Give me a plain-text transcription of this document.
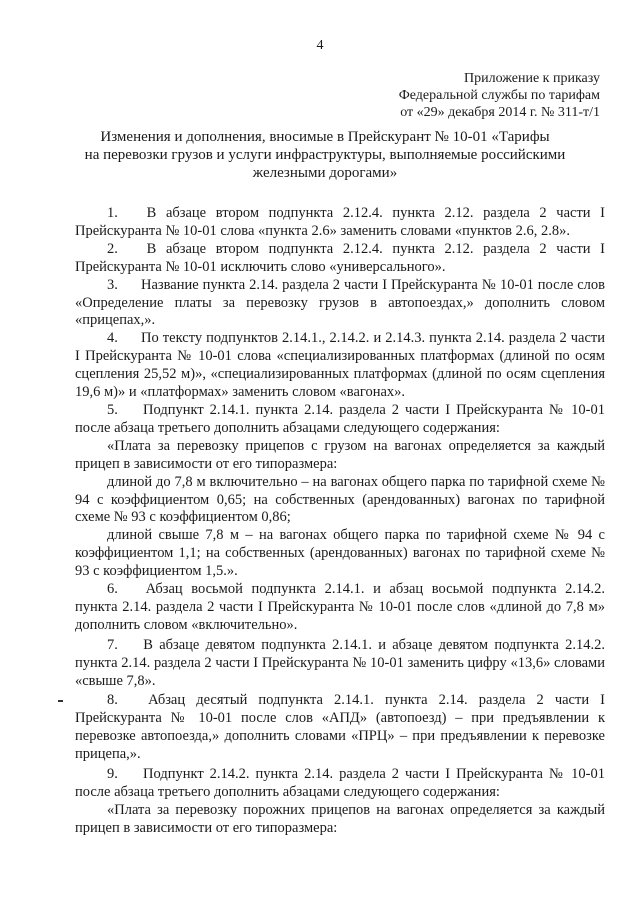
4
Приложение к приказу
Федеральной службы по тарифам
от «29» декабря 2014 г. № 311-т/1
Изменения и дополнения, вносимые в Прейскурант № 10-01 «Тарифы
на перевозки грузов и услуги инфраструктуры, выполняемые российскими
железными дорогами»

1. В абзаце втором подпункта 2.12.4. пункта 2.12. раздела 2 части I Прейскуранта № 10-01 слова «пункта 2.6» заменить словами «пунктов 2.6, 2.8».

2. В абзаце втором подпункта 2.12.4. пункта 2.12. раздела 2 части I Прейскуранта № 10-01 исключить слово «универсального».

3. Название пункта 2.14. раздела 2 части I Прейскуранта № 10-01 после слов «Определение платы за перевозку грузов в автопоездах,» дополнить словом «прицепах,».

4. По тексту подпунктов 2.14.1., 2.14.2. и 2.14.3. пункта 2.14. раздела 2 части I Прейскуранта № 10-01 слова «специализированных платформах (длиной по осям сцепления 25,52 м)», «специализированных платформах (длиной по осям сцепления 19,6 м)» и «платформах» заменить словом «вагонах».

5. Подпункт 2.14.1. пункта 2.14. раздела 2 части I Прейскуранта № 10-01 после абзаца третьего дополнить абзацами следующего содержания:

«Плата за перевозку прицепов с грузом на вагонах определяется за каждый прицеп в зависимости от его типоразмера:

длиной до 7,8 м включительно – на вагонах общего парка по тарифной схеме № 94 с коэффициентом 0,65; на собственных (арендованных) вагонах по тарифной схеме № 93 с коэффициентом 0,86;

длиной свыше 7,8 м – на вагонах общего парка по тарифной схеме № 94 с коэффициентом 1,1; на собственных (арендованных) вагонах по тарифной схеме № 93 с коэффициентом 1,5.».

6. Абзац восьмой подпункта 2.14.1. и абзац восьмой подпункта 2.14.2. пункта 2.14. раздела 2 части I Прейскуранта № 10-01 после слов «длиной до 7,8 м» дополнить словом «включительно».

7. В абзаце девятом подпункта 2.14.1. и абзаце девятом подпункта 2.14.2. пункта 2.14. раздела 2 части I Прейскуранта № 10-01 заменить цифру «13,6» словами «свыше 7,8».

8. Абзац десятый подпункта 2.14.1. пункта 2.14. раздела 2 части I Прейскуранта № 10-01 после слов «АПД» (автопоезд) – при предъявлении к перевозке автопоезда,» дополнить словами «ПРЦ» – при предъявлении к перевозке прицепа,».

9. Подпункт 2.14.2. пункта 2.14. раздела 2 части I Прейскуранта № 10-01 после абзаца третьего дополнить абзацами следующего содержания:

«Плата за перевозку порожних прицепов на вагонах определяется за каждый прицеп в зависимости от его типоразмера:
